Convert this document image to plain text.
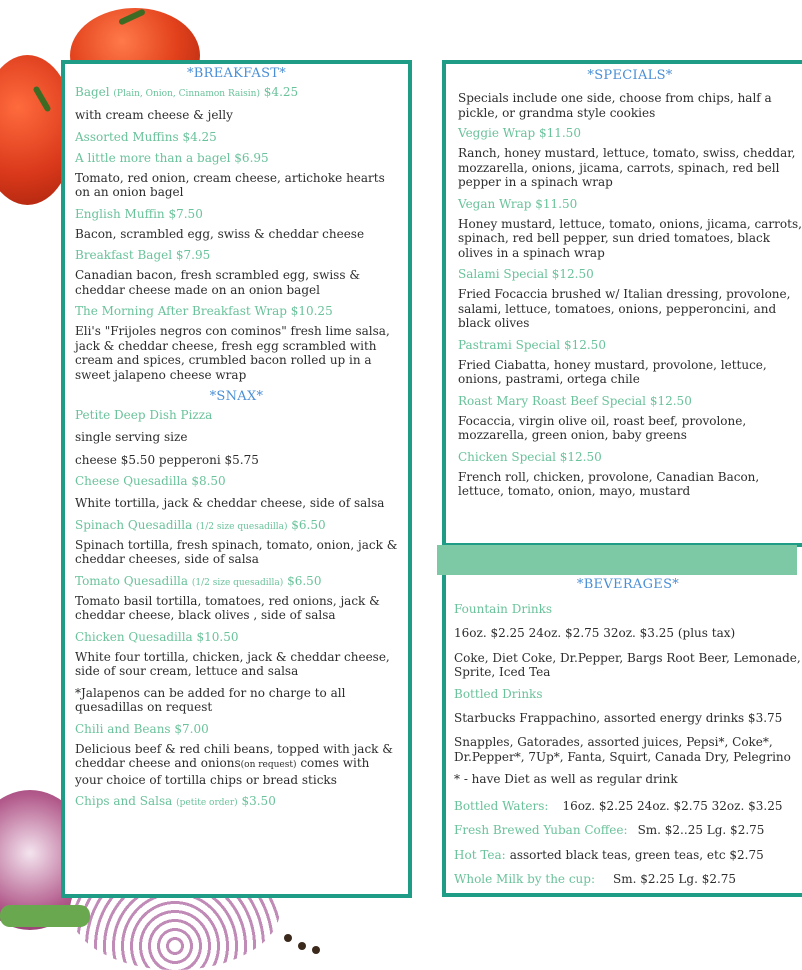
*BREAKFAST*

Bagel (Plain, Onion, Cinnamon Raisin) $4.25

with cream cheese & jelly

Assorted Muffins $4.25

A little more than a bagel $6.95

Tomato, red onion, cream cheese, artichoke hearts on an onion bagel

English Muffin $7.50

Bacon, scrambled egg, swiss & cheddar cheese

Breakfast Bagel $7.95

Canadian bacon, fresh scrambled egg, swiss & cheddar cheese made on an onion bagel

The Morning After Breakfast Wrap $10.25

Eli's "Frijoles negros con cominos" fresh lime salsa, jack & cheddar cheese, fresh egg scrambled with cream and spices, crumbled bacon rolled up in a sweet jalapeno cheese wrap

*SNAX*

Petite Deep Dish Pizza

single serving size

cheese $5.50 pepperoni $5.75

Cheese Quesadilla $8.50

White tortilla, jack & cheddar cheese, side of salsa

Spinach Quesadilla (1/2 size quesadilla) $6.50

Spinach tortilla, fresh spinach, tomato, onion, jack & cheddar cheeses, side of salsa

Tomato Quesadilla (1/2 size quesadilla) $6.50

Tomato basil tortilla, tomatoes, red onions, jack & cheddar cheese, black olives , side of salsa

Chicken Quesadilla $10.50

White four tortilla, chicken, jack & cheddar cheese, side of sour cream, lettuce and salsa

*Jalapenos can be added for no charge to all quesadillas on request

Chili and Beans $7.00

Delicious beef & red chili beans, topped with jack & cheddar cheese and onions(on request) comes with your choice of tortilla chips or bread sticks

Chips and Salsa (petite order) $3.50

*SPECIALS*

Specials include one side, choose from chips, half a pickle, or grandma style cookies

Veggie Wrap $11.50

Ranch, honey mustard, lettuce, tomato, swiss, cheddar, mozzarella, onions, jicama, carrots, spinach, red bell pepper in a spinach wrap

Vegan Wrap $11.50

Honey mustard, lettuce, tomato, onions, jicama, carrots, spinach, red bell pepper, sun dried tomatoes, black olives in a spinach wrap

Salami Special $12.50

Fried Focaccia brushed w/ Italian dressing, provolone, salami, lettuce, tomatoes, onions, pepperoncini, and black olives

Pastrami Special $12.50

Fried Ciabatta, honey mustard, provolone, lettuce, onions, pastrami, ortega chile

Roast Mary Roast Beef Special $12.50

Focaccia, virgin olive oil, roast beef, provolone, mozzarella, green onion, baby greens

Chicken Special $12.50

French roll, chicken, provolone, Canadian Bacon, lettuce, tomato, onion, mayo, mustard

*BEVERAGES*

Fountain Drinks

16oz. $2.25 24oz. $2.75 32oz. $3.25 (plus tax)

Coke, Diet Coke, Dr.Pepper, Bargs Root Beer, Lemonade, Sprite, Iced Tea

Bottled Drinks

Starbucks Frappachino, assorted energy drinks $3.75

Snapples, Gatorades, assorted juices, Pepsi*, Coke*, Dr.Pepper*, 7Up*, Fanta, Squirt, Canada Dry, Pelegrino

* - have Diet as well as regular drink

Bottled Waters: 16oz. $2.25 24oz. $2.75 32oz. $3.25
Fresh Brewed Yuban Coffee: Sm. $2..25 Lg. $2.75
Hot Tea: assorted black teas, green teas, etc $2.75
Whole Milk by the cup: Sm. $2.25 Lg. $2.75
